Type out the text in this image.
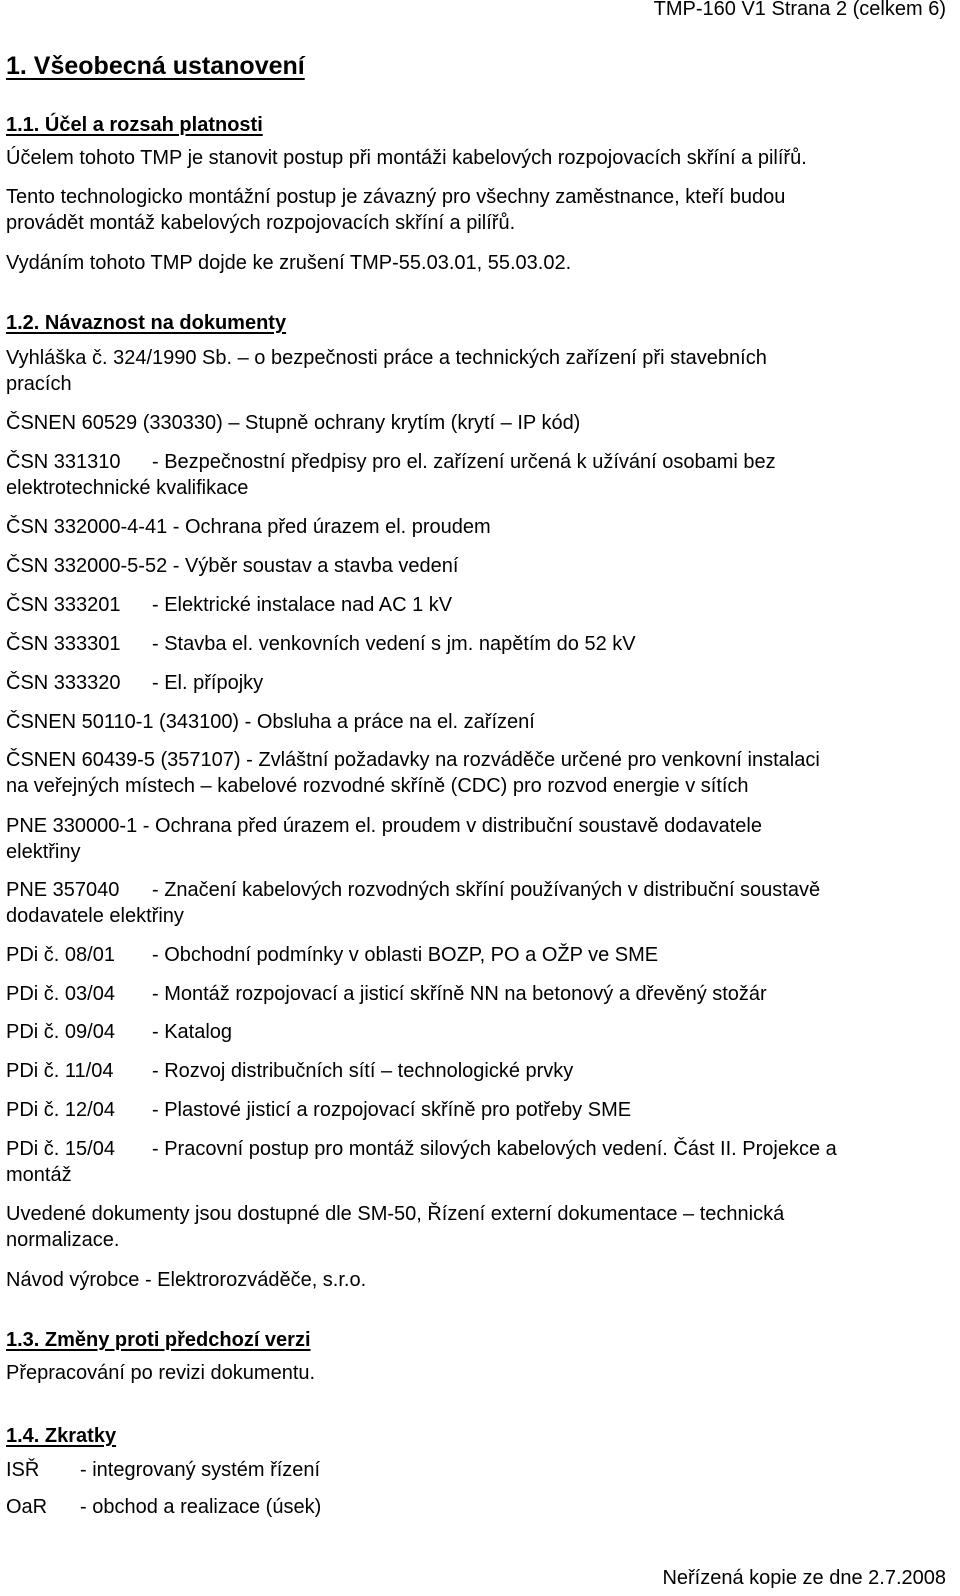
TMP-160 V1 Strana 2 (celkem 6)
1. Všeobecná ustanovení
1.1. Účel a rozsah platnosti
Účelem tohoto TMP je stanovit postup při montáži kabelových rozpojovacích skříní a pilířů.
Tento technologicko montážní postup je závazný pro všechny zaměstnance, kteří budou
provádět montáž kabelových rozpojovacích skříní a pilířů.
Vydáním tohoto TMP dojde ke zrušení TMP-55.03.01, 55.03.02.
1.2. Návaznost na dokumenty
Vyhláška č. 324/1990 Sb. – o bezpečnosti práce a technických zařízení při stavebních
pracích
ČSNEN 60529 (330330) – Stupně ochrany krytím (krytí – IP kód)
ČSN 331310	- Bezpečnostní předpisy pro el. zařízení určená k užívání osobami bez
elektrotechnické kvalifikace
ČSN 332000-4-41 - Ochrana před úrazem el. proudem
ČSN 332000-5-52 - Výběr soustav a stavba vedení
ČSN 333201	- Elektrické instalace nad AC 1 kV
ČSN 333301	- Stavba el. venkovních vedení s jm. napětím do 52 kV
ČSN 333320	- El. přípojky
ČSNEN 50110-1 (343100) - Obsluha a práce na el. zařízení
ČSNEN 60439-5 (357107) - Zvláštní požadavky na rozváděče určené pro venkovní instalaci
na veřejných místech – kabelové rozvodné skříně (CDC) pro rozvod energie v sítích
PNE 330000-1 - Ochrana před úrazem el. proudem v distribuční soustavě dodavatele
elektřiny
PNE 357040	- Značení kabelových rozvodných skříní používaných v distribuční soustavě
dodavatele elektřiny
PDi č. 08/01	- Obchodní podmínky v oblasti BOZP, PO a OŽP ve SME
PDi č. 03/04	- Montáž rozpojovací a jisticí skříně NN na betonový a dřevěný stožár
PDi č. 09/04	- Katalog
PDi č. 11/04	- Rozvoj distribučních sítí – technologické prvky
PDi č. 12/04	- Plastové jisticí a rozpojovací skříně pro potřeby SME
PDi č. 15/04	- Pracovní postup pro montáž silových kabelových vedení. Část II. Projekce a
montáž
Uvedené dokumenty jsou dostupné dle SM-50, Řízení externí dokumentace – technická
normalizace.
Návod výrobce - Elektrorozváděče, s.r.o.
1.3. Změny proti předchozí verzi
Přepracování po revizi dokumentu.
1.4. Zkratky
ISŘ	- integrovaný systém řízení
OaR	- obchod a realizace (úsek)
Neřízená kopie ze dne 2.7.2008
